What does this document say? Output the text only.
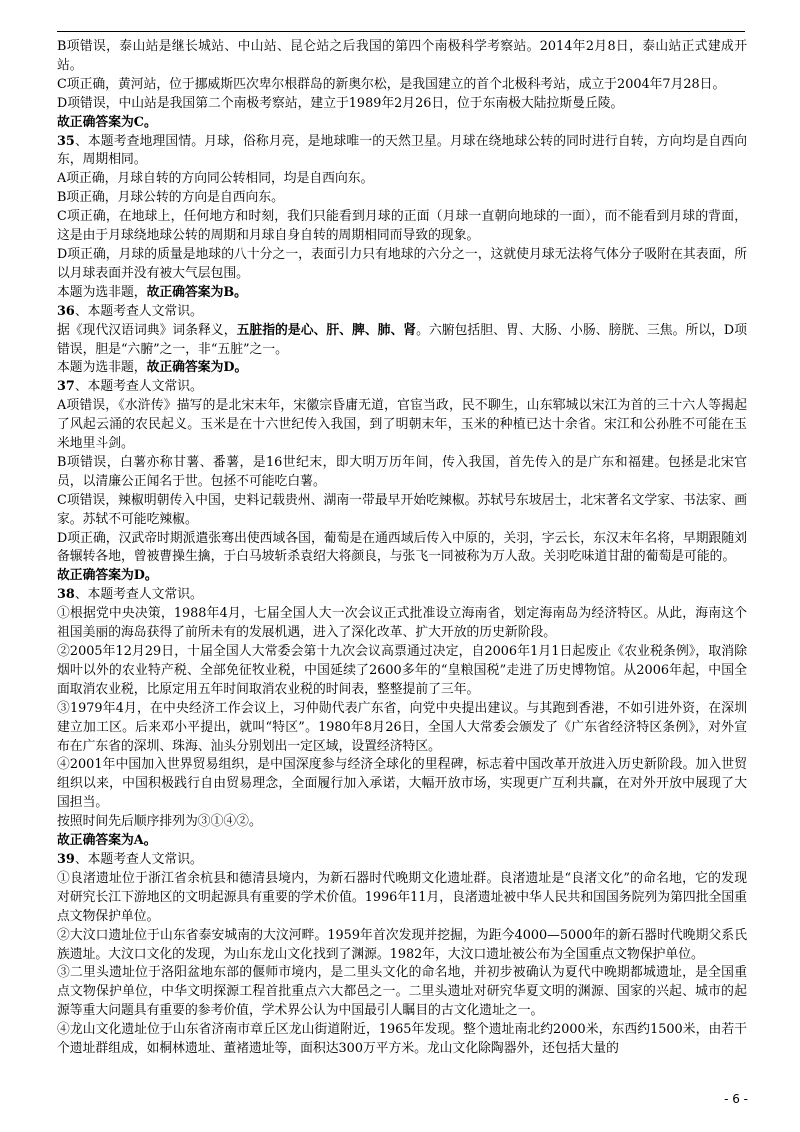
B项错误，泰山站是继长城站、中山站、昆仑站之后我国的第四个南极科学考察站。2014年2月8日，泰山站正式建成开站。

C项正确，黄河站，位于挪威斯匹次卑尔根群岛的新奥尔松，是我国建立的首个北极科考站，成立于2004年7月28日。

D项错误，中山站是我国第二个南极考察站，建立于1989年2月26日，位于东南极大陆拉斯曼丘陵。

故正确答案为C。

35、本题考查地理国情。月球，俗称月亮，是地球唯一的天然卫星。月球在绕地球公转的同时进行自转，方向均是自西向东，周期相同。

A项正确，月球自转的方向同公转相同，均是自西向东。

B项正确，月球公转的方向是自西向东。

C项正确，在地球上，任何地方和时刻，我们只能看到月球的正面（月球一直朝向地球的一面），而不能看到月球的背面，这是由于月球绕地球公转的周期和月球自身自转的周期相同而导致的现象。

D项正确，月球的质量是地球的八十分之一，表面引力只有地球的六分之一，这就使月球无法将气体分子吸附在其表面，所以月球表面并没有被大气层包围。

本题为选非题，故正确答案为B。

36、本题考查人文常识。

据《现代汉语词典》词条释义，五脏指的是心、肝、脾、肺、肾。六腑包括胆、胃、大肠、小肠、膀胱、三焦。所以，D项错误，胆是“六腑”之一，非“五脏”之一。

本题为选非题，故正确答案为D。

37、本题考查人文常识。

A项错误，《水浒传》描写的是北宋末年，宋徽宗昏庸无道，官宦当政，民不聊生，山东郓城以宋江为首的三十六人等揭起了风起云涌的农民起义。玉米是在十六世纪传入我国，到了明朝末年，玉米的种植已达十余省。宋江和公孙胜不可能在玉米地里斗剑。

B项错误，白薯亦称甘薯、番薯，是16世纪末，即大明万历年间，传入我国，首先传入的是广东和福建。包拯是北宋官员，以清廉公正闻名于世。包拯不可能吃白薯。

C项错误，辣椒明朝传入中国，史料记载贵州、湖南一带最早开始吃辣椒。苏轼号东坡居士，北宋著名文学家、书法家、画家。苏轼不可能吃辣椒。

D项正确，汉武帝时期派遣张骞出使西域各国，葡萄是在通西域后传入中原的，关羽，字云长，东汉末年名将，早期跟随刘备辗转各地，曾被曹操生擒，于白马坡斩杀袁绍大将颜良，与张飞一同被称为万人敌。关羽吃味道甘甜的葡萄是可能的。

故正确答案为D。

38、本题考查人文常识。

①根据党中央决策，1988年4月，七届全国人大一次会议正式批准设立海南省，划定海南岛为经济特区。从此，海南这个祖国美丽的海岛获得了前所未有的发展机遇，进入了深化改革、扩大开放的历史新阶段。

②2005年12月29日，十届全国人大常委会第十九次会议高票通过决定，自2006年1月1日起废止《农业税条例》，取消除烟叶以外的农业特产税、全部免征牧业税，中国延续了2600多年的“皇粮国税”走进了历史博物馆。从2006年起，中国全面取消农业税，比原定用五年时间取消农业税的时间表，整整提前了三年。

③1979年4月，在中央经济工作会议上，习仲勋代表广东省，向党中央提出建议。与其跑到香港，不如引进外资，在深圳建立加工区。后来邓小平提出，就叫“特区”。1980年8月26日，全国人大常委会颁发了《广东省经济特区条例》，对外宣布在广东省的深圳、珠海、汕头分别划出一定区域，设置经济特区。

④2001年中国加入世界贸易组织，是中国深度参与经济全球化的里程碑，标志着中国改革开放进入历史新阶段。加入世贸组织以来，中国积极践行自由贸易理念，全面履行加入承诺，大幅开放市场，实现更广互利共赢，在对外开放中展现了大国担当。

按照时间先后顺序排列为③①④②。

故正确答案为A。

39、本题考查人文常识。

①良渚遗址位于浙江省余杭县和德清县境内，为新石器时代晚期文化遗址群。良渚遗址是“良渚文化”的命名地，它的发现对研究长江下游地区的文明起源具有重要的学术价值。1996年11月，良渚遗址被中华人民共和国国务院列为第四批全国重点文物保护单位。

②大汶口遗址位于山东省泰安城南的大汶河畔。1959年首次发现并挖掘，为距今4000—5000年的新石器时代晚期父系氏族遗址。大汶口文化的发现，为山东龙山文化找到了渊源。1982年，大汶口遗址被公布为全国重点文物保护单位。

③二里头遗址位于洛阳盆地东部的偃师市境内，是二里头文化的命名地，并初步被确认为夏代中晚期都城遗址，是全国重点文物保护单位，中华文明探源工程首批重点六大都邑之一。二里头遗址对研究华夏文明的渊源、国家的兴起、城市的起源等重大问题具有重要的参考价值，学术界公认为中国最引人瞩目的古文化遗址之一。

④龙山文化遗址位于山东省济南市章丘区龙山街道附近，1965年发现。整个遗址南北约2000米，东西约1500米，由若干个遗址群组成，如桐林遗址、董褚遗址等，面积达300万平方米。龙山文化除陶器外，还包括大量的

- 6 -
